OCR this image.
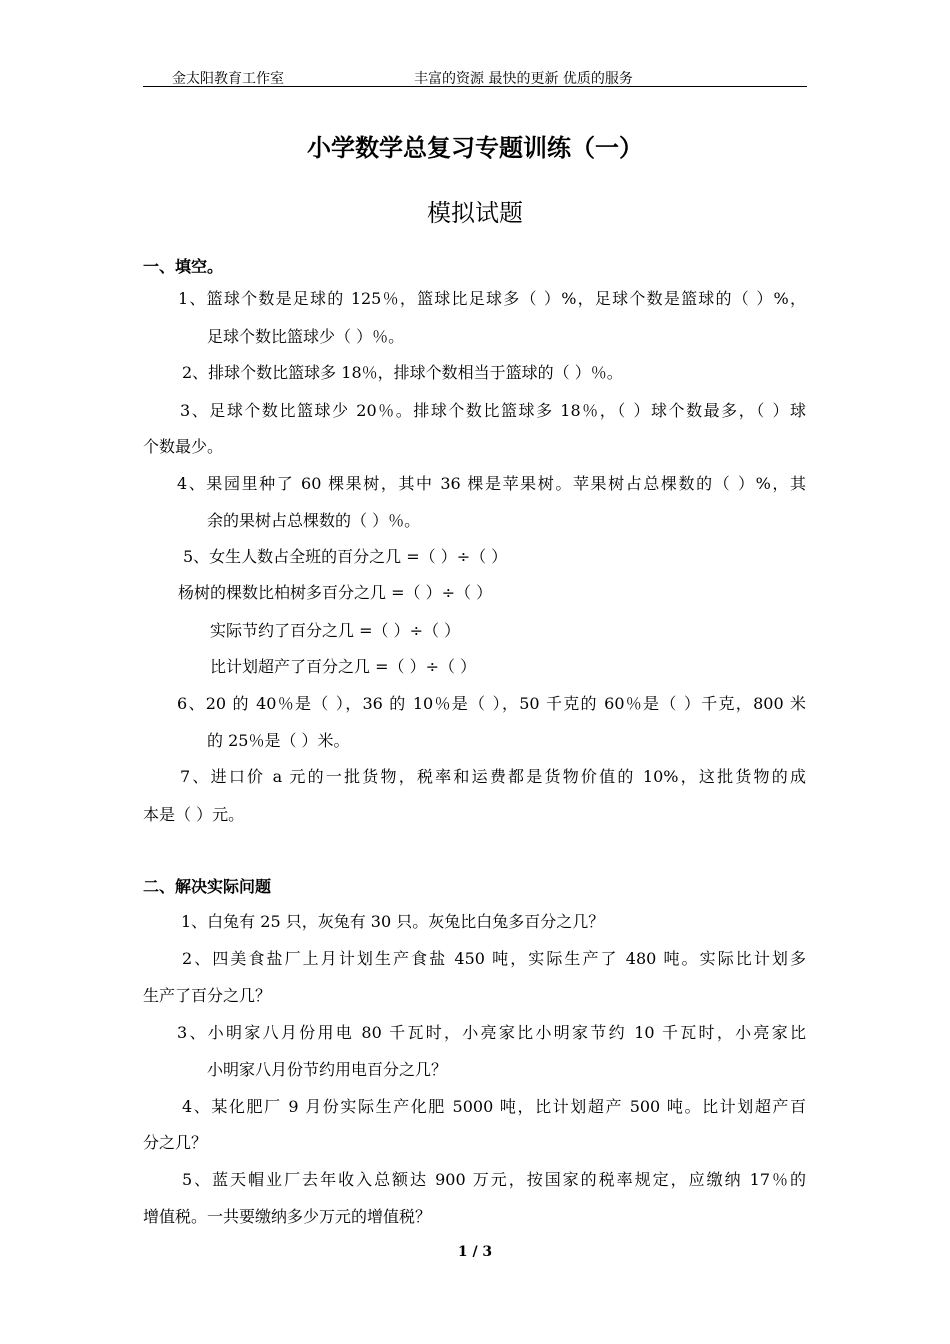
金太阳教育工作室	丰富的资源 最快的更新 优质的服务
小学数学总复习专题训练（一）
模拟试题
一、填空。
1、篮球个数是足球的 125％，篮球比足球多（ ）%，足球个数是篮球的（ ）%，
足球个数比篮球少（ ）％。
2、排球个数比篮球多 18％，排球个数相当于篮球的（ ）％。
3、足球个数比篮球少 20％。排球个数比篮球多 18％，（ ）球个数最多，（ ）球
个数最少。
4、果园里种了 60 棵果树，其中 36 棵是苹果树。苹果树占总棵数的（ ）%，其
余的果树占总棵数的（ ）％。
5、女生人数占全班的百分之几 =（ ）÷（ ）
杨树的棵数比柏树多百分之几 =（ ）÷（ ）
实际节约了百分之几 =（ ）÷（ ）
比计划超产了百分之几 =（ ）÷（ ）
6、20 的 40％是（ ），36 的 10％是（ ），50 千克的 60％是（ ）千克，800 米
的 25％是（ ）米。
7、进口价 a 元的一批货物，税率和运费都是货物价值的 10%，这批货物的成
本是（ ）元。
二、解决实际问题
1、白兔有 25 只，灰兔有 30 只。灰兔比白兔多百分之几？
2、四美食盐厂上月计划生产食盐 450 吨，实际生产了 480 吨。实际比计划多
生产了百分之几？
3、小明家八月份用电 80 千瓦时，小亮家比小明家节约 10 千瓦时，小亮家比
小明家八月份节约用电百分之几？
4、某化肥厂 9 月份实际生产化肥 5000 吨，比计划超产 500 吨。比计划超产百
分之几？
5、蓝天帽业厂去年收入总额达 900 万元，按国家的税率规定，应缴纳 17％的
增值税。一共要缴纳多少万元的增值税？
1 / 3
